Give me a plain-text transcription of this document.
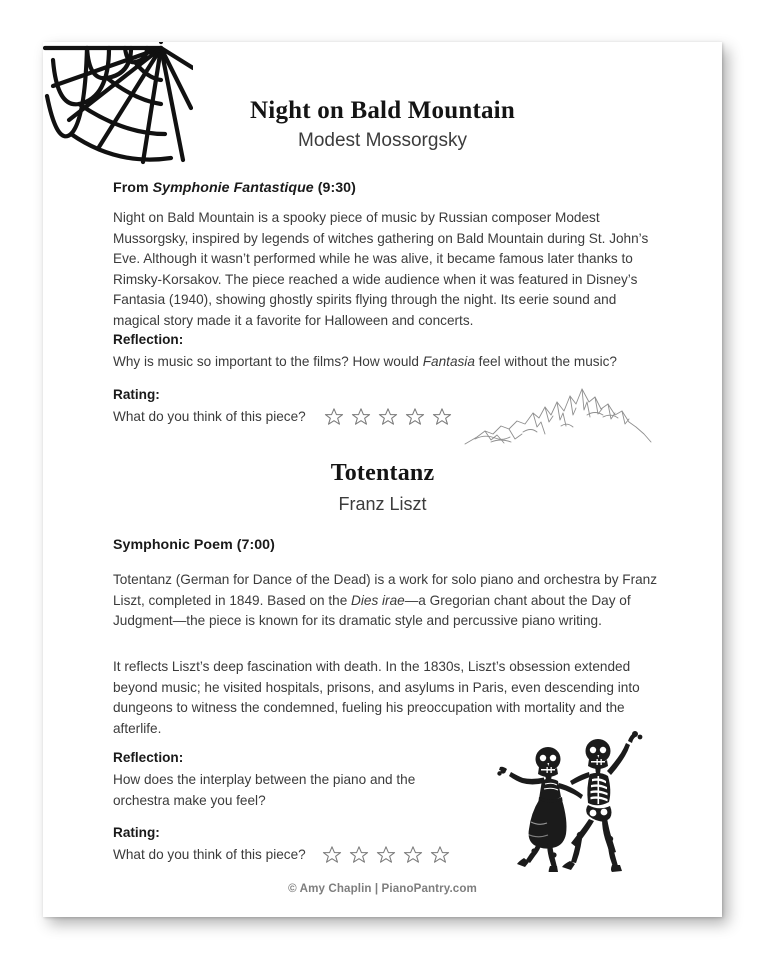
Night on Bald Mountain
Modest Mossorgsky
From Symphonie Fantastique (9:30)
Night on Bald Mountain is a spooky piece of music by Russian composer Modest Mussorgsky, inspired by legends of witches gathering on Bald Mountain during St. John’s Eve. Although it wasn’t performed while he was alive, it became famous later thanks to Rimsky-Korsakov. The piece reached a wide audience when it was featured in Disney’s Fantasia (1940), showing ghostly spirits flying through the night. Its eerie sound and magical story made it a favorite for Halloween and concerts.
Reflection:
Why is music so important to the films? How would Fantasia feel without the music?
Rating:
What do you think of this piece?
Totentanz
Franz Liszt
Symphonic Poem (7:00)
Totentanz (German for Dance of the Dead) is a work for solo piano and orchestra by Franz Liszt, completed in 1849. Based on the Dies irae—a Gregorian chant about the Day of Judgment—the piece is known for its dramatic style and percussive piano writing.
It reflects Liszt’s deep fascination with death. In the 1830s, Liszt’s obsession extended beyond music; he visited hospitals, prisons, and asylums in Paris, even descending into dungeons to witness the condemned, fueling his preoccupation with mortality and the afterlife.
Reflection:
How does the interplay between the piano and the orchestra make you feel?
Rating:
What do you think of this piece?
© Amy Chaplin | PianoPantry.com
